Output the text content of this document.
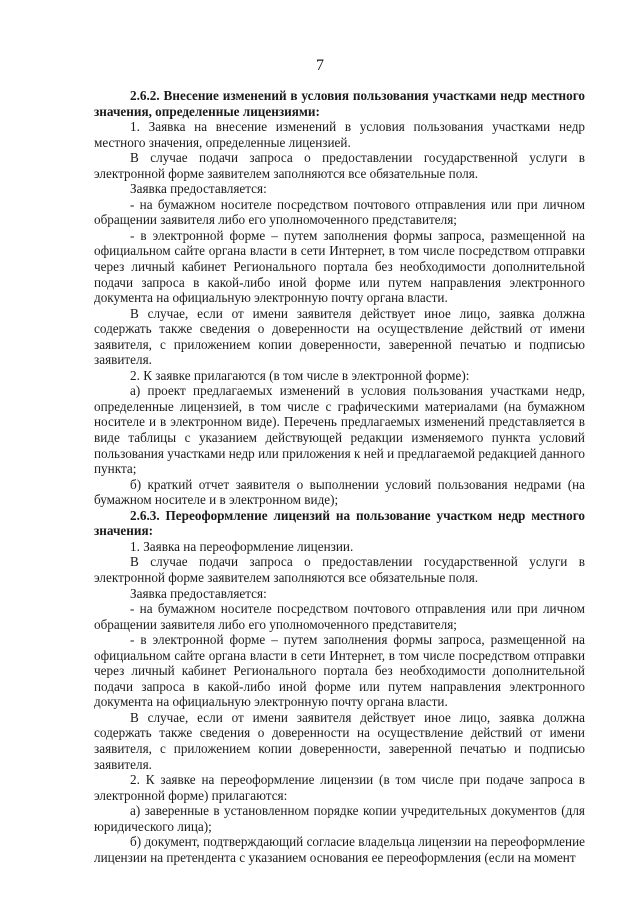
7

2.6.2. Внесение изменений в условия пользования участками недр местного значения, определенные лицензиями:

1. Заявка на внесение изменений в условия пользования участками недр местного значения, определенные лицензией.

В случае подачи запроса о предоставлении государственной услуги в электронной форме заявителем заполняются все обязательные поля.

Заявка предоставляется:

- на бумажном носителе посредством почтового отправления или при личном обращении заявителя либо его уполномоченного представителя;

- в электронной форме – путем заполнения формы запроса, размещенной на официальном сайте органа власти в сети Интернет, в том числе посредством отправки через личный кабинет Регионального портала без необходимости дополнительной подачи запроса в какой-либо иной форме или путем направления электронного документа на официальную электронную почту органа власти.

В случае, если от имени заявителя действует иное лицо, заявка должна содержать также сведения о доверенности на осуществление действий от имени заявителя, с приложением копии доверенности, заверенной печатью и подписью заявителя.

2. К заявке прилагаются (в том числе в электронной форме):

а) проект предлагаемых изменений в условия пользования участками недр, определенные лицензией, в том числе с графическими материалами (на бумажном носителе и в электронном виде). Перечень предлагаемых изменений представляется в виде таблицы с указанием действующей редакции изменяемого пункта условий пользования участками недр или приложения к ней и предлагаемой редакцией данного пункта;

б) краткий отчет заявителя о выполнении условий пользования недрами (на бумажном носителе и в электронном виде);

2.6.3. Переоформление лицензий на пользование участком недр местного значения:

1. Заявка на переоформление лицензии.

В случае подачи запроса о предоставлении государственной услуги в электронной форме заявителем заполняются все обязательные поля.

Заявка предоставляется:

- на бумажном носителе посредством почтового отправления или при личном обращении заявителя либо его уполномоченного представителя;

- в электронной форме – путем заполнения формы запроса, размещенной на официальном сайте органа власти в сети Интернет, в том числе посредством отправки через личный кабинет Регионального портала без необходимости дополнительной подачи запроса в какой-либо иной форме или путем направления электронного документа на официальную электронную почту органа власти.

В случае, если от имени заявителя действует иное лицо, заявка должна содержать также сведения о доверенности на осуществление действий от имени заявителя, с приложением копии доверенности, заверенной печатью и подписью заявителя.

2. К заявке на переоформление лицензии (в том числе при подаче запроса в электронной форме) прилагаются:

а) заверенные в установленном порядке копии учредительных документов (для юридического лица);

б) документ, подтверждающий согласие владельца лицензии на переоформление лицензии на претендента с указанием основания ее переоформления (если на момент
